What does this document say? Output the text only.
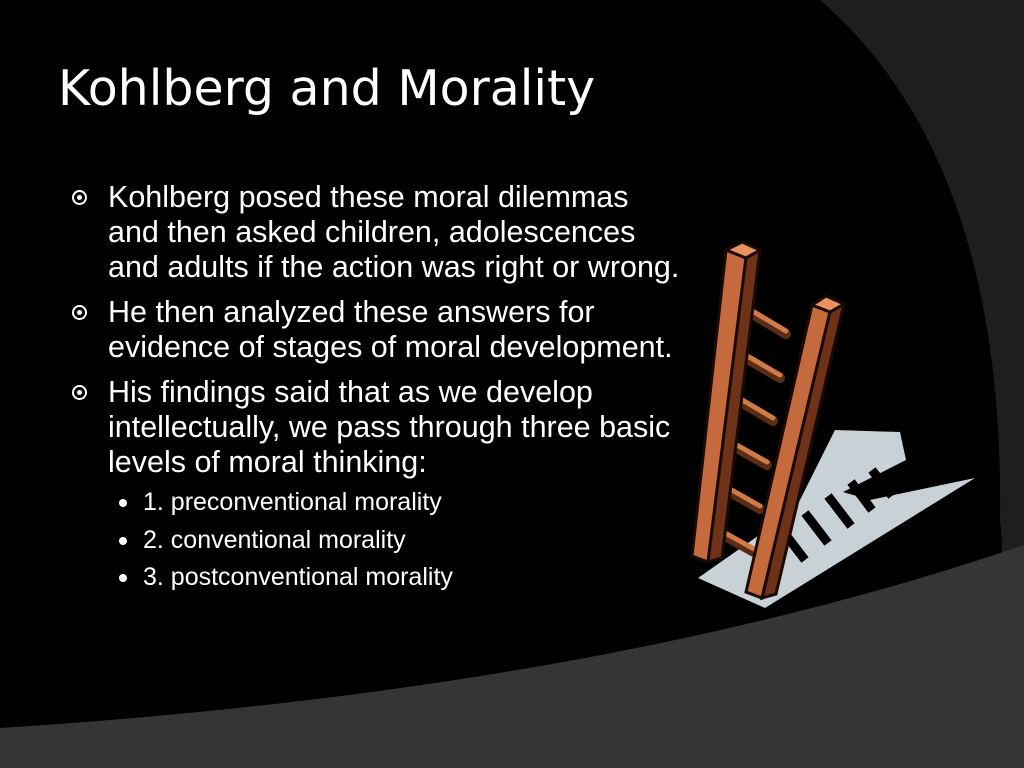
Kohlberg and Morality
Kohlberg posed these moral dilemmas and then asked children, adolescences and adults if the action was right or wrong.
He then analyzed these answers for evidence of stages of moral development.
His findings said that as we develop intellectually, we pass through three basic levels of moral thinking:
1. preconventional morality
2. conventional morality
3. postconventional morality
